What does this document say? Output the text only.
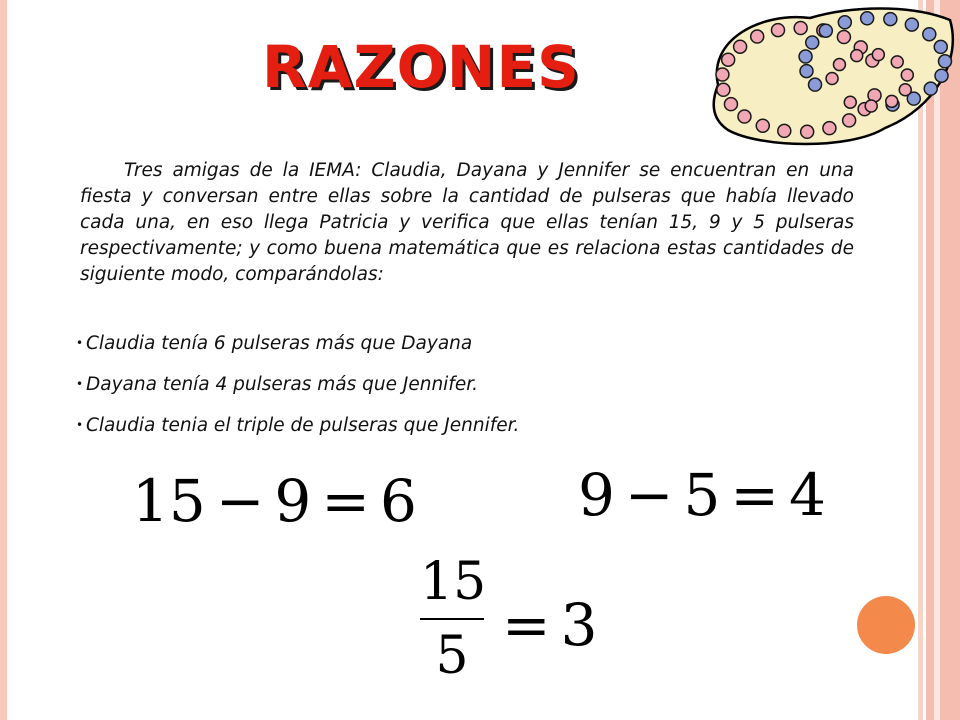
RAZONES

Tres amigas de la IEMA: Claudia, Dayana y Jennifer se encuentran en una fiesta y conversan entre ellas sobre la cantidad de pulseras que había llevado cada una, en eso llega Patricia y verifica que ellas tenían 15, 9 y 5 pulseras respectivamente; y como buena matemática que es relaciona estas cantidades de siguiente modo, comparándolas:

• Claudia tenía 6 pulseras más que Dayana
• Dayana tenía 4 pulseras más que Jennifer.
• Claudia tenia el triple de pulseras que Jennifer.
15 − 9 = 6	9 − 5 = 4
15
5 = 3
